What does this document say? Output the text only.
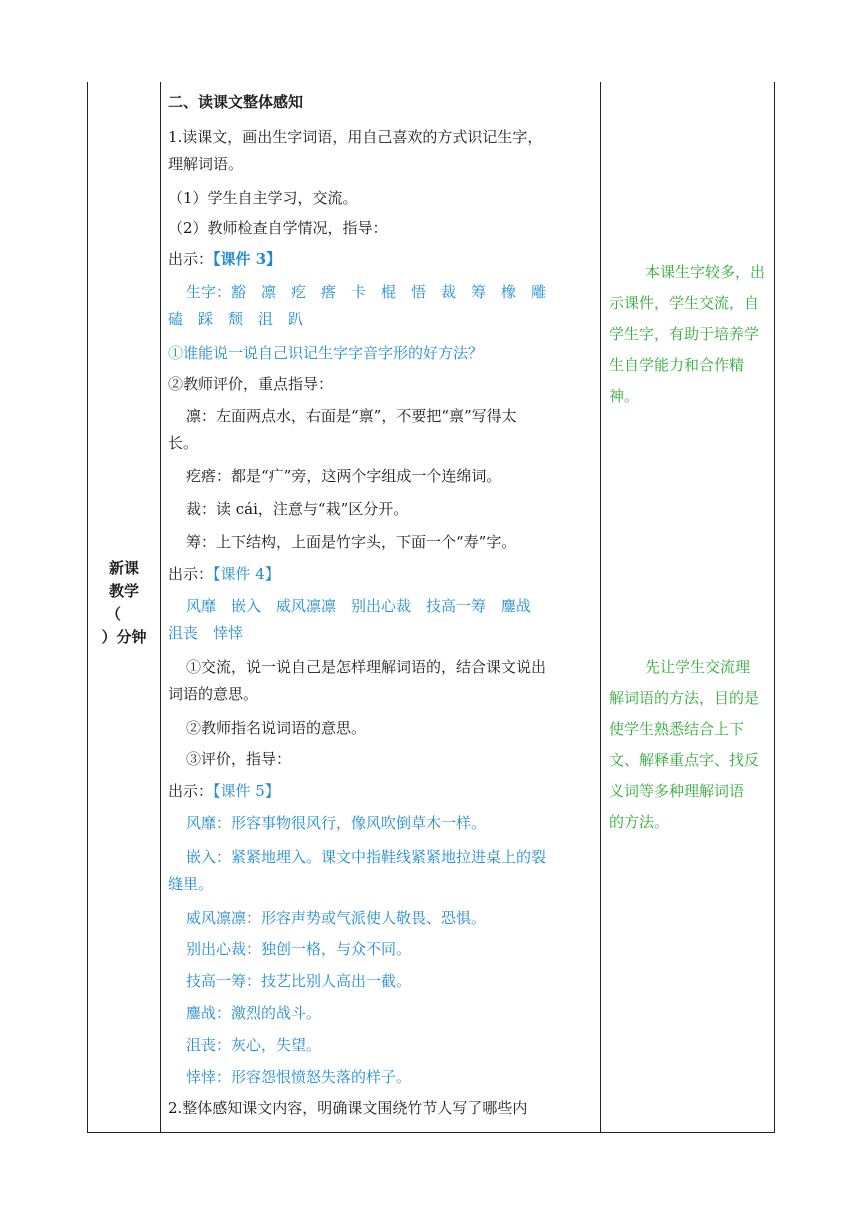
新课
教学
（
）分钟
二、读课文整体感知
1.读课文，画出生字词语，用自己喜欢的方式识记生字，
理解词语。
（1）学生自主学习，交流。
（2）教师检查自学情况，指导：
出示：【课件 3】
生字：豁　凛　疙　瘩　卡　棍　悟　裁　筹　橡　雕
磕　踩　颓　沮　趴
①谁能说一说自己识记生字字音字形的好方法？
②教师评价，重点指导：
凛：左面两点水，右面是“禀”，不要把“禀”写得太
长。
疙瘩：都是“疒”旁，这两个字组成一个连绵词。
裁：读 cái，注意与“栽”区分开。
筹：上下结构，上面是竹字头，下面一个“寿”字。
出示：【课件 4】
风靡　嵌入　威风凛凛　别出心裁　技高一筹　鏖战
沮丧　悻悻
①交流，说一说自己是怎样理解词语的，结合课文说出
词语的意思。
②教师指名说词语的意思。
③评价，指导：
出示：【课件 5】
风靡：形容事物很风行，像风吹倒草木一样。
嵌入：紧紧地埋入。课文中指鞋线紧紧地拉进桌上的裂
缝里。
威风凛凛：形容声势或气派使人敬畏、恐惧。
别出心裁：独创一格，与众不同。
技高一筹：技艺比别人高出一截。
鏖战：激烈的战斗。
沮丧：灰心，失望。
悻悻：形容怨恨愤怒失落的样子。
2.整体感知课文内容，明确课文围绕竹节人写了哪些内
本课生字较多，出
示课件，学生交流，自
学生字，有助于培养学
生自学能力和合作精
神。
先让学生交流理
解词语的方法，目的是
使学生熟悉结合上下
文、解释重点字、找反
义词等多种理解词语
的方法。
